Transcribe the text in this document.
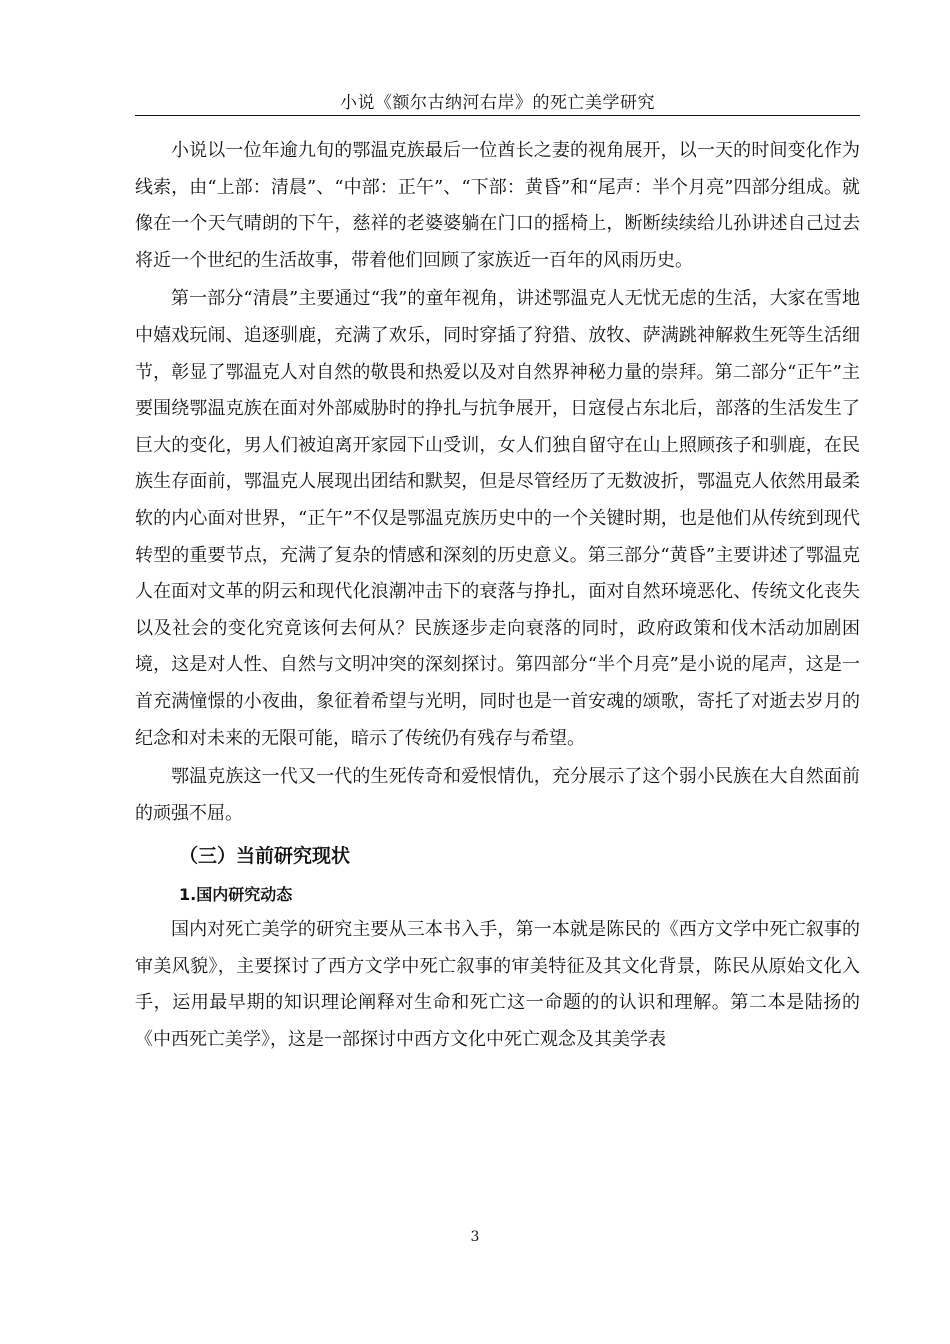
小说《额尔古纳河右岸》的死亡美学研究

小说以一位年逾九旬的鄂温克族最后一位酋长之妻的视角展开，以一天的时间变化作为线索，由“上部：清晨”、“中部：正午”、“下部：黄昏”和“尾声：半个月亮”四部分组成。就像在一个天气晴朗的下午，慈祥的老婆婆躺在门口的摇椅上，断断续续给儿孙讲述自己过去将近一个世纪的生活故事，带着他们回顾了家族近一百年的风雨历史。

第一部分“清晨”主要通过“我”的童年视角，讲述鄂温克人无忧无虑的生活，大家在雪地中嬉戏玩闹、追逐驯鹿，充满了欢乐，同时穿插了狩猎、放牧、萨满跳神解救生死等生活细节，彰显了鄂温克人对自然的敬畏和热爱以及对自然界神秘力量的崇拜。第二部分“正午”主要围绕鄂温克族在面对外部威胁时的挣扎与抗争展开，日寇侵占东北后，部落的生活发生了巨大的变化，男人们被迫离开家园下山受训，女人们独自留守在山上照顾孩子和驯鹿，在民族生存面前，鄂温克人展现出团结和默契，但是尽管经历了无数波折，鄂温克人依然用最柔软的内心面对世界，“正午”不仅是鄂温克族历史中的一个关键时期，也是他们从传统到现代转型的重要节点，充满了复杂的情感和深刻的历史意义。第三部分“黄昏”主要讲述了鄂温克人在面对文革的阴云和现代化浪潮冲击下的衰落与挣扎，面对自然环境恶化、传统文化丧失以及社会的变化究竟该何去何从？民族逐步走向衰落的同时，政府政策和伐木活动加剧困境，这是对人性、自然与文明冲突的深刻探讨。第四部分“半个月亮”是小说的尾声，这是一首充满憧憬的小夜曲，象征着希望与光明，同时也是一首安魂的颂歌，寄托了对逝去岁月的纪念和对未来的无限可能，暗示了传统仍有残存与希望。

鄂温克族这一代又一代的生死传奇和爱恨情仇，充分展示了这个弱小民族在大自然面前的顽强不屈。

（三）当前研究现状
1.国内研究动态

国内对死亡美学的研究主要从三本书入手，第一本就是陈民的《西方文学中死亡叙事的审美风貌》，主要探讨了西方文学中死亡叙事的审美特征及其文化背景，陈民从原始文化入手，运用最早期的知识理论阐释对生命和死亡这一命题的的认识和理解。第二本是陆扬的《中西死亡美学》，这是一部探讨中西方文化中死亡观念及其美学表

3
